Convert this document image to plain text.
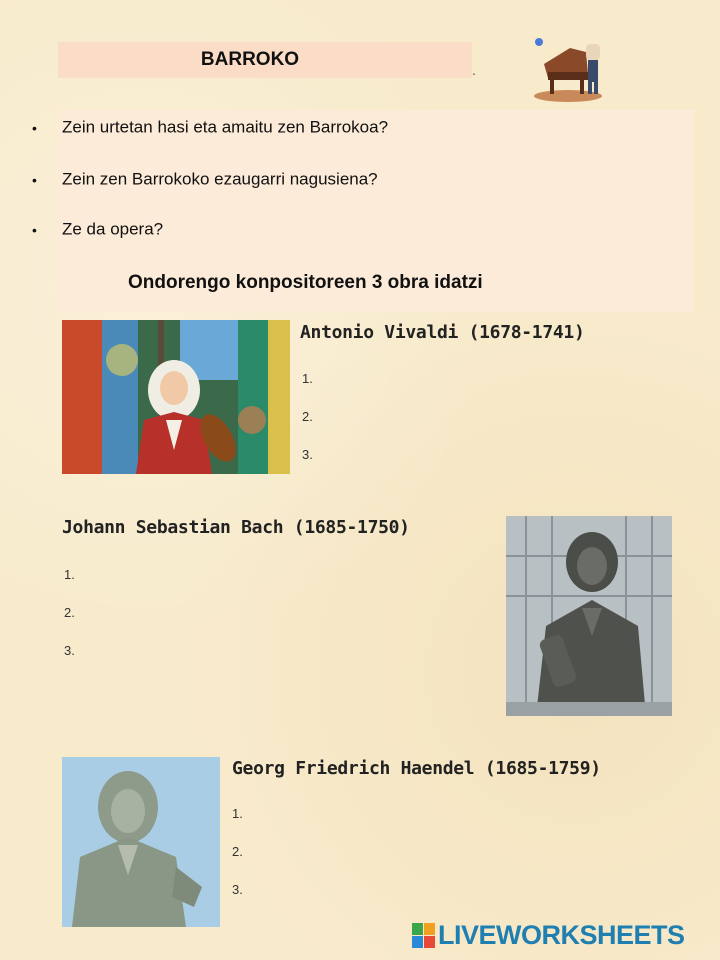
BARROKO	.
• Zein urtetan hasi eta amaitu zen Barrokoa?
• Zein zen Barrokoko ezaugarri nagusiena?
• Ze da opera?
Ondorengo konpositoreen 3 obra idatzi
Antonio Vivaldi (1678-1741)
1.
2.
3.
Johann Sebastian Bach (1685-1750)
1.
2.
3.
Georg Friedrich Haendel (1685-1759)
1.
2.
3.
LIVEWORKSHEETS
